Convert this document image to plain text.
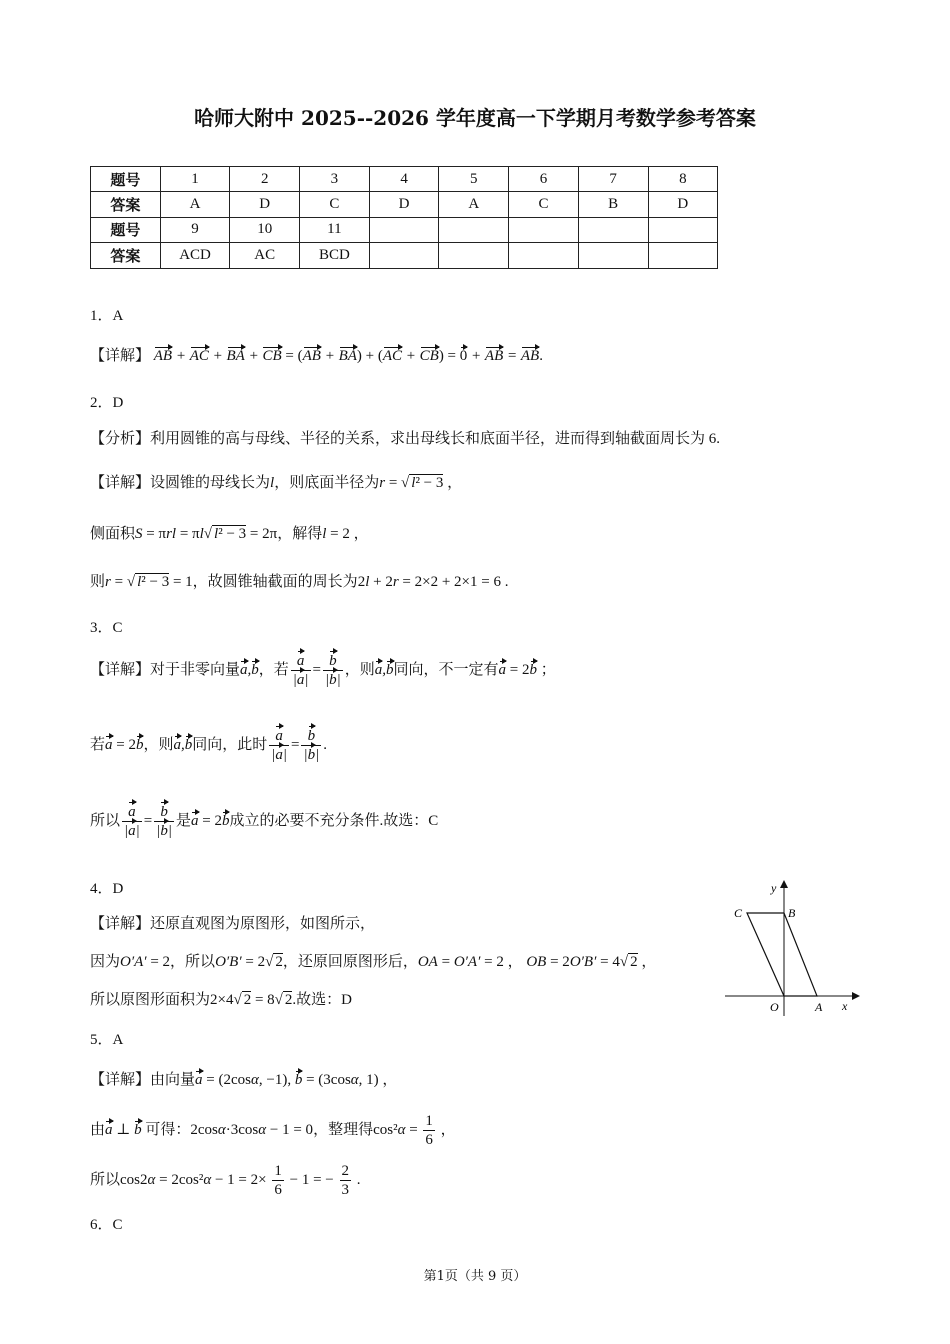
哈师大附中 2025--2026 学年度高一下学期月考数学参考答案
题号	1	2	3	4	5	6	7	8
答案	A	D	C	D	A	C	B	D
题号	9	10	11					
答案	ACD	AC	BCD					
1．A
【详解】 AB + AC + BA + CB = (AB + BA) + (AC + CB) = 0 + AB = AB.
2．D
【分析】利用圆锥的高与母线、半径的关系，求出母线长和底面半径，进而得到轴截面周长为 6.
【详解】设圆锥的母线长为l，则底面半径为r = √ l² − 3 ，
侧面积S = πrl = πl√ l² − 3 = 2π，解得l = 2 ，
则r = √ l² − 3 = 1，故圆锥轴截面的周长为2l + 2r = 2×2 + 2×1 = 6 .
3．C
【详解】对于非零向量a,b，若 $\frac{a}{|a|} = \frac{b}{|b|}$ ，则a,b同向，不一定有a = 2b ；
若a = 2b，则a,b同向，此时 $\frac{a}{|a|} = \frac{b}{|b|}$ .
所以 $\frac{a}{|a|} = \frac{b}{|b|}$ 是a = 2b成立的必要不充分条件.故选：C
4．D
【详解】还原直观图为原图形，如图所示，
因为O′A′ = 2，所以O′B′ = 2√ 2，还原回原图形后，OA = O′A′ = 2 ， OB = 2O′B′ = 4√ 2 ，
所以原图形面积为2×4√ 2 = 8√ 2.故选：D
y
x
C	B
O	A
5．A
【详解】由向量a = (2cosα, −1), b = (3cosα, 1) ，
由a ⊥ b 可得：2cosα·3cosα − 1 = 0，整理得$\cos^2\alpha = \frac{1}{6}$ ，
所以$\cos 2\alpha = 2\cos^2\alpha - 1 = 2\times \frac{1}{6} - 1$ = − $\frac{2}{3}$ .
6．C
第1页（共 9 页）
